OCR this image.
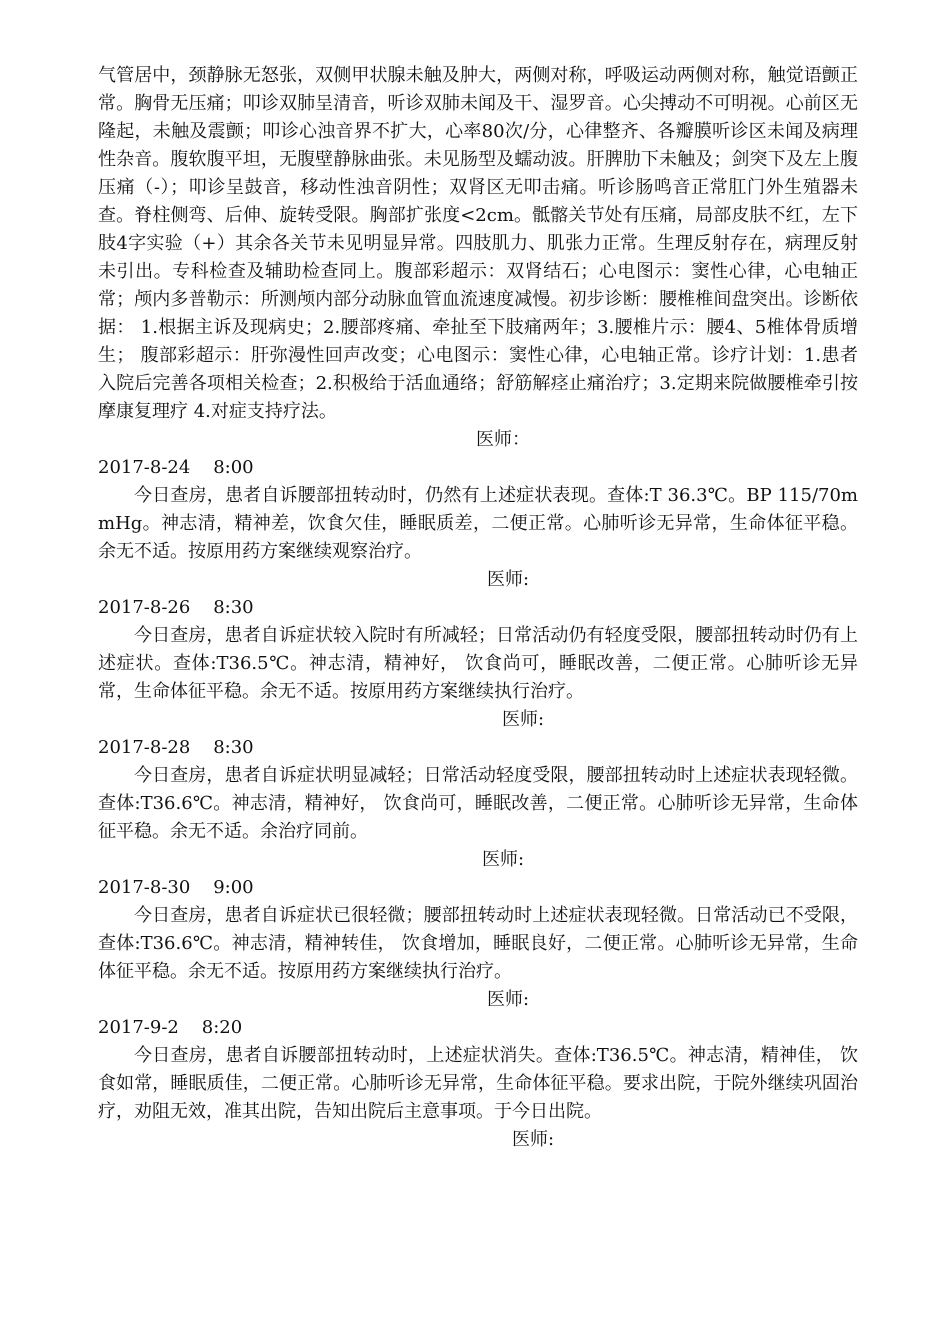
气管居中，颈静脉无怒张，双侧甲状腺未触及肿大，两侧对称，呼吸运动两侧对称，触觉语颤正常。胸骨无压痛；叩诊双肺呈清音，听诊双肺未闻及干、湿罗音。心尖搏动不可明视。心前区无隆起，未触及震颤；叩诊心浊音界不扩大，心率80次/分，心律整齐、各瓣膜听诊区未闻及病理性杂音。腹软腹平坦，无腹壁静脉曲张。未见肠型及蠕动波。肝脾肋下未触及；剑突下及左上腹压痛（-）；叩诊呈鼓音，移动性浊音阴性；双肾区无叩击痛。听诊肠鸣音正常肛门外生殖器未查。脊柱侧弯、后伸、旋转受限。胸部扩张度<2cm。骶髂关节处有压痛，局部皮肤不红，左下肢4字实验（+）其余各关节未见明显异常。四肢肌力、肌张力正常。生理反射存在，病理反射未引出。专科检查及辅助检查同上。腹部彩超示：双肾结石；心电图示：窦性心律，心电轴正常；颅内多普勒示：所测颅内部分动脉血管血流速度减慢。初步诊断：腰椎椎间盘突出。诊断依据： 1.根据主诉及现病史；2.腰部疼痛、牵扯至下肢痛两年；3.腰椎片示：腰4、5椎体骨质增生； 腹部彩超示：肝弥漫性回声改变；心电图示：窦性心律，心电轴正常。诊疗计划：1.患者入院后完善各项相关检查；2.积极给于活血通络；舒筋解痉止痛治疗；3.定期来院做腰椎牵引按摩康复理疗 4.对症支持疗法。

医师：

2017-8-24    8:00

今日查房，患者自诉腰部扭转动时，仍然有上述症状表现。查体:T 36.3℃。BP 115/70mmHg。神志清，精神差，饮食欠佳，睡眠质差，二便正常。心肺听诊无异常，生命体征平稳。余无不适。按原用药方案继续观察治疗。

医师:

2017-8-26    8:30

今日查房，患者自诉症状较入院时有所减轻；日常活动仍有轻度受限，腰部扭转动时仍有上述症状。查体:T36.5℃。神志清，精神好， 饮食尚可，睡眠改善，二便正常。心肺听诊无异常，生命体征平稳。余无不适。按原用药方案继续执行治疗。

医师:

2017-8-28    8:30

今日查房，患者自诉症状明显减轻；日常活动轻度受限，腰部扭转动时上述症状表现轻微。查体:T36.6℃。神志清，精神好， 饮食尚可，睡眠改善，二便正常。心肺听诊无异常，生命体征平稳。余无不适。余治疗同前。

医师:

2017-8-30    9:00

今日查房，患者自诉症状已很轻微；腰部扭转动时上述症状表现轻微。日常活动已不受限，查体:T36.6℃。神志清，精神转佳， 饮食增加，睡眠良好，二便正常。心肺听诊无异常，生命体征平稳。余无不适。按原用药方案继续执行治疗。

医师:

2017-9-2    8:20

今日查房，患者自诉腰部扭转动时，上述症状消失。查体:T36.5℃。神志清，精神佳， 饮食如常，睡眠质佳，二便正常。心肺听诊无异常，生命体征平稳。要求出院，于院外继续巩固治疗，劝阻无效，准其出院，告知出院后主意事项。于今日出院。

医师:
